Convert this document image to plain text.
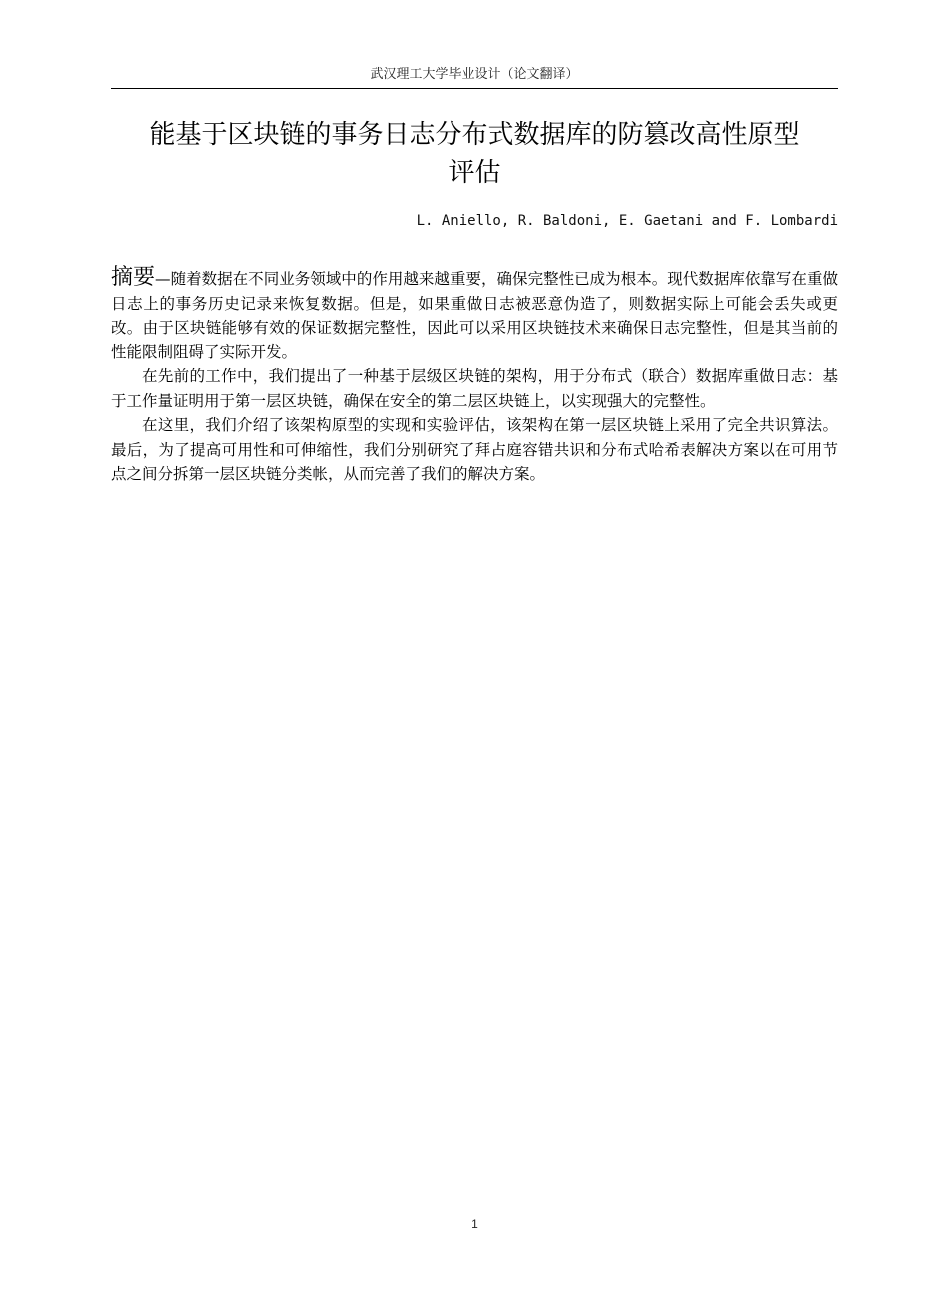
武汉理工大学毕业设计（论文翻译）
能基于区块链的事务日志分布式数据库的防篡改高性原型
评估
L. Aniello, R. Baldoni, E. Gaetani and F. Lombardi

摘要—随着数据在不同业务领域中的作用越来越重要，确保完整性已成为根本。现代数据库依靠写在重做日志上的事务历史记录来恢复数据。但是，如果重做日志被恶意伪造了，则数据实际上可能会丢失或更改。由于区块链能够有效的保证数据完整性，因此可以采用区块链技术来确保日志完整性，但是其当前的性能限制阻碍了实际开发。

在先前的工作中，我们提出了一种基于层级区块链的架构，用于分布式（联合）数据库重做日志：基于工作量证明用于第一层区块链，确保在安全的第二层区块链上，以实现强大的完整性。

在这里，我们介绍了该架构原型的实现和实验评估，该架构在第一层区块链上采用了完全共识算法。最后，为了提高可用性和可伸缩性，我们分别研究了拜占庭容错共识和分布式哈希表解决方案以在可用节点之间分拆第一层区块链分类帐，从而完善了我们的解决方案。

1
